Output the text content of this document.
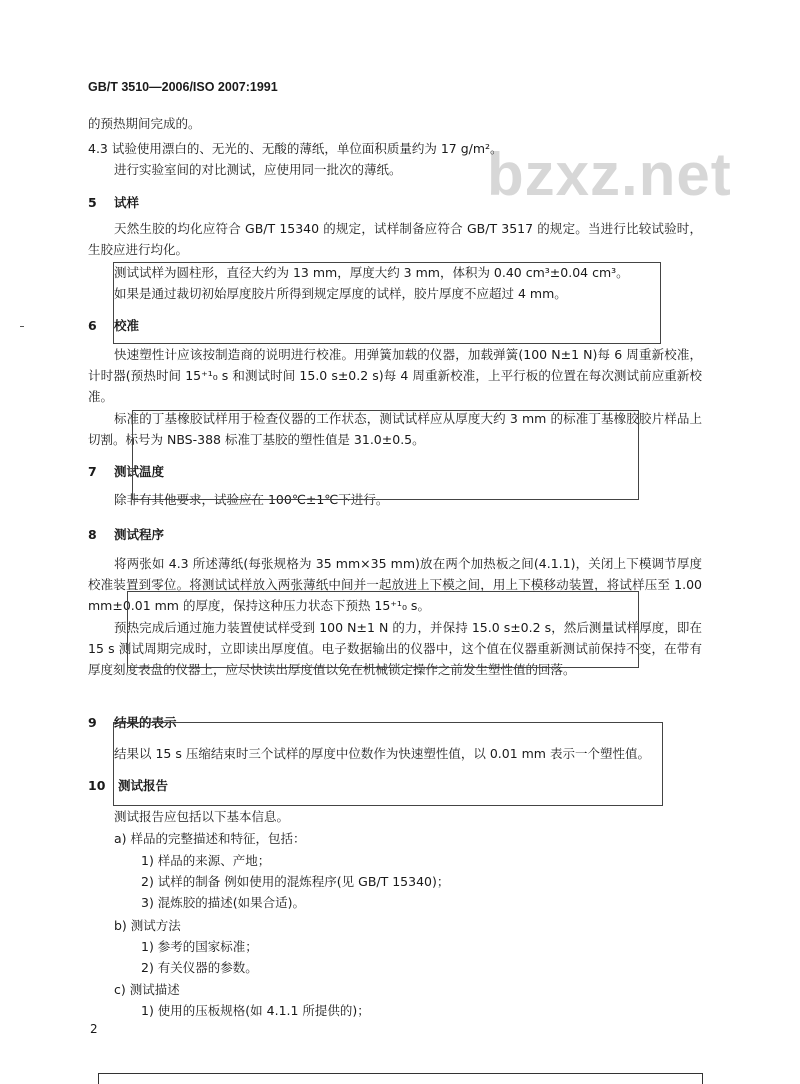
GB/T 3510—2006/ISO 2007:1991
bzxz.net
的预热期间完成的。
4.3 试验使用漂白的、无光的、无酸的薄纸，单位面积质量约为 17 g/m²。
进行实验室间的对比测试，应使用同一批次的薄纸。
5 试样
天然生胶的均化应符合 GB/T 15340 的规定，试样制备应符合 GB/T 3517 的规定。当进行比较试验时，生胶应进行均化。
测试试样为圆柱形，直径大约为 13 mm，厚度大约 3 mm，体积为 0.40 cm³±0.04 cm³。
如果是通过裁切初始厚度胶片所得到规定厚度的试样，胶片厚度不应超过 4 mm。
6 校准
快速塑性计应该按制造商的说明进行校准。用弹簧加载的仪器，加载弹簧(100 N±1 N)每 6 周重新校准，计时器(预热时间 15⁺¹₀ s 和测试时间 15.0 s±0.2 s)每 4 周重新校准，上平行板的位置在每次测试前应重新校准。
标准的丁基橡胶试样用于检查仪器的工作状态，测试试样应从厚度大约 3 mm 的标准丁基橡胶胶片样品上切割。标号为 NBS-388 标准丁基胶的塑性值是 31.0±0.5。
7 测试温度
除非有其他要求，试验应在 100℃±1℃下进行。
8 测试程序
将两张如 4.3 所述薄纸(每张规格为 35 mm×35 mm)放在两个加热板之间(4.1.1)，关闭上下模调节厚度校准装置到零位。将测试试样放入两张薄纸中间并一起放进上下模之间，用上下模移动装置，将试样压至 1.00 mm±0.01 mm 的厚度，保持这种压力状态下预热 15⁺¹₀ s。
预热完成后通过施力装置使试样受到 100 N±1 N 的力，并保持 15.0 s±0.2 s，然后测量试样厚度，即在 15 s 测试周期完成时，立即读出厚度值。电子数据输出的仪器中，这个值在仪器重新测试前保持不变，在带有厚度刻度表盘的仪器上，应尽快读出厚度值以免在机械锁定操作之前发生塑性值的回落。
9 结果的表示
结果以 15 s 压缩结束时三个试样的厚度中位数作为快速塑性值，以 0.01 mm 表示一个塑性值。
10 测试报告
测试报告应包括以下基本信息。
a) 样品的完整描述和特征，包括：
1) 样品的来源、产地；
2) 试样的制备 例如使用的混炼程序(见 GB/T 15340)；
3) 混炼胶的描述(如果合适)。
b) 测试方法
1) 参考的国家标准；
2) 有关仪器的参数。
c) 测试描述
1) 使用的压板规格(如 4.1.1 所提供的)；
2
